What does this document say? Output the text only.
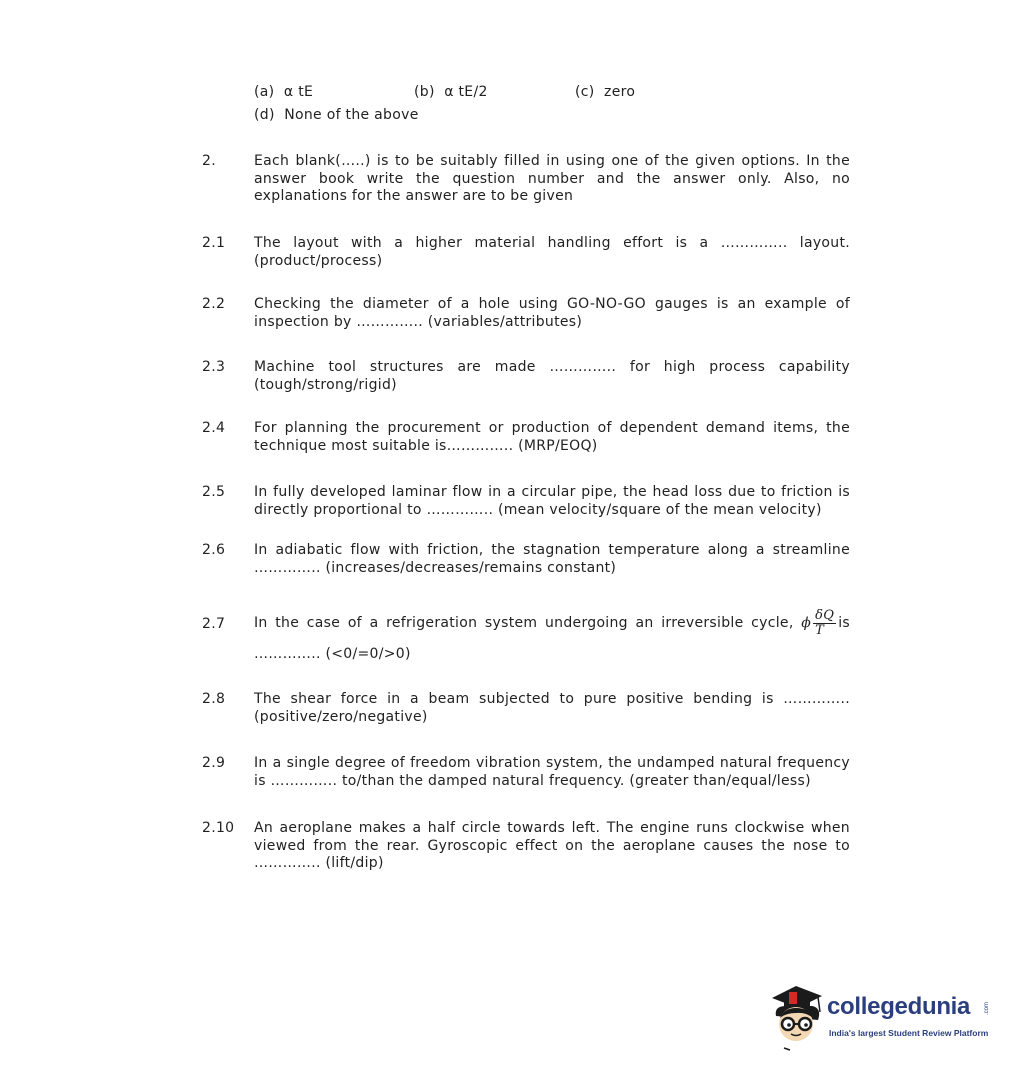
(a) α tE	(b) α tE/2	(c) zero
(d) None of the above
2.	Each blank(…..) is to be suitably filled in using one of the given options. In the
answer book write the question number and the answer only. Also, no
explanations for the answer are to be given
2.1 The layout with a higher material handling effort is a ………….. layout.
(product/process)
2.2 Checking the diameter of a hole using GO-NO-GO gauges is an example of
inspection by ………….. (variables/attributes)
2.3 Machine tool structures are made ………….. for high process capability
(tough/strong/rigid)
2.4 For planning the procurement or production of dependent demand items, the
technique most suitable is………….. (MRP/EOQ)
2.5 In fully developed laminar flow in a circular pipe, the head loss due to friction is
directly proportional to ………….. (mean velocity/square of the mean velocity)
2.6 In adiabatic flow with friction, the stagnation temperature along a streamline
………….. (increases/decreases/remains constant)
2.7 In the case of a refrigeration system undergoing an irreversible cycle, ϕ $\frac{\delta Q}{T}$ is
………….. (<0/=0/>0)
2.8 The shear force in a beam subjected to pure positive bending is …………..
(positive/zero/negative)
2.9 In a single degree of freedom vibration system, the undamped natural frequency
is ………….. to/than the damped natural frequency. (greater than/equal/less)
2.10 An aeroplane makes a half circle towards left. The engine runs clockwise when
viewed from the rear. Gyroscopic effect on the aeroplane causes the nose to
………….. (lift/dip)
collegedunia .com
India's largest Student Review Platform
